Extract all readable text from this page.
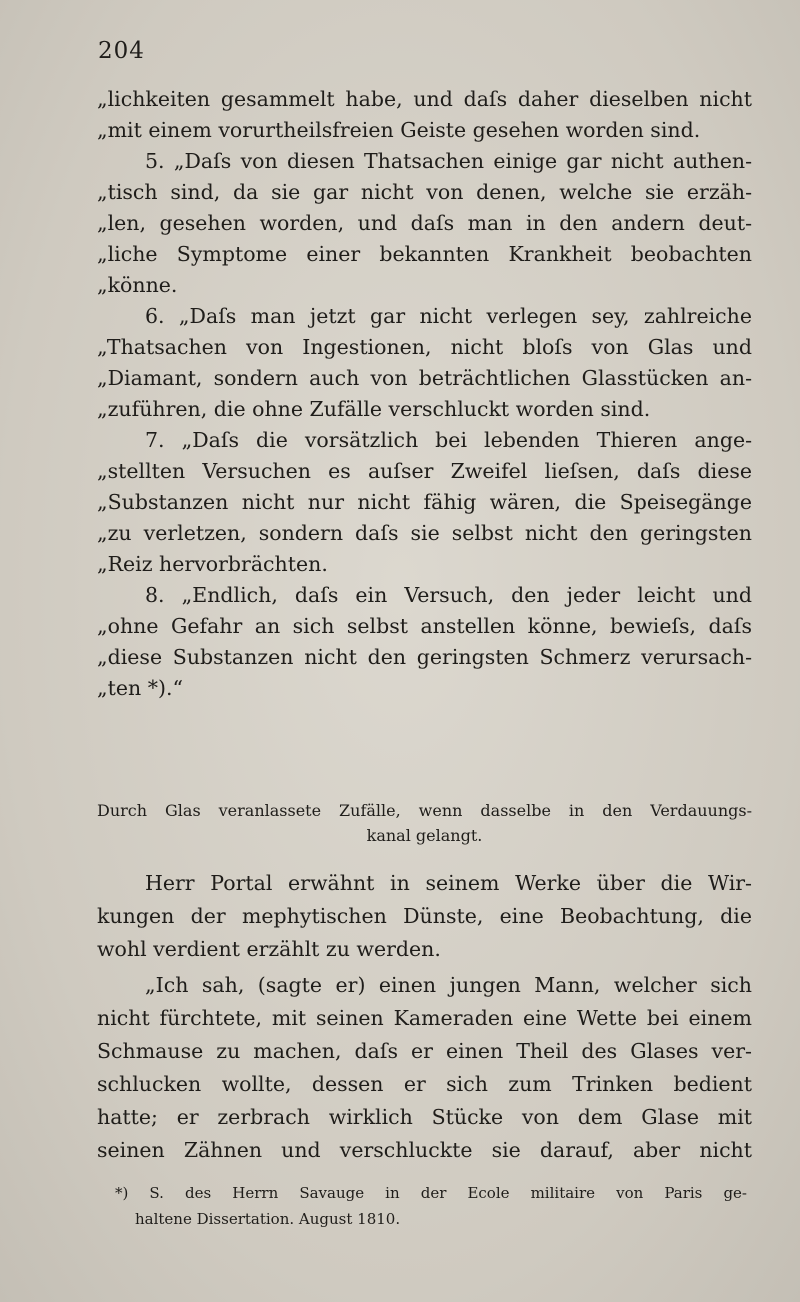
204
„lichkeiten gesammelt habe, und daſs daher dieselben nicht
„mit einem vorurtheilsfreien Geiste gesehen worden sind.
5. „Daſs von diesen Thatsachen einige gar nicht authen-
„tisch sind, da sie gar nicht von denen, welche sie erzäh-
„len, gesehen worden, und daſs man in den andern deut-
„liche Symptome einer bekannten Krankheit beobachten
„könne.
6. „Daſs man jetzt gar nicht verlegen sey, zahlreiche
„Thatsachen von Ingestionen, nicht bloſs von Glas und
„Diamant, sondern auch von beträchtlichen Glasstücken an-
„zuführen, die ohne Zufälle verschluckt worden sind.
7. „Daſs die vorsätzlich bei lebenden Thieren ange-
„stellten Versuchen es auſser Zweifel lieſsen, daſs diese
„Substanzen nicht nur nicht fähig wären, die Speisegänge
„zu verletzen, sondern daſs sie selbst nicht den geringsten
„Reiz hervorbrächten.
8. „Endlich, daſs ein Versuch, den jeder leicht und
„ohne Gefahr an sich selbst anstellen könne, bewieſs, daſs
„diese Substanzen nicht den geringsten Schmerz verursach-
„ten *).“
Durch Glas veranlassete Zufälle, wenn dasselbe in den Verdauungs-
kanal gelangt.
Herr Portal erwähnt in seinem Werke über die Wir-
kungen der mephytischen Dünste, eine Beobachtung, die
wohl verdient erzählt zu werden.
„Ich sah, (sagte er) einen jungen Mann, welcher sich
nicht fürchtete, mit seinen Kameraden eine Wette bei einem
Schmause zu machen, daſs er einen Theil des Glases ver-
schlucken wollte, dessen er sich zum Trinken bedient
hatte; er zerbrach wirklich Stücke von dem Glase mit
seinen Zähnen und verschluckte sie darauf, aber nicht
*) S. des Herrn Savauge in der Ecole militaire von Paris ge-
haltene Dissertation. August 1810.
